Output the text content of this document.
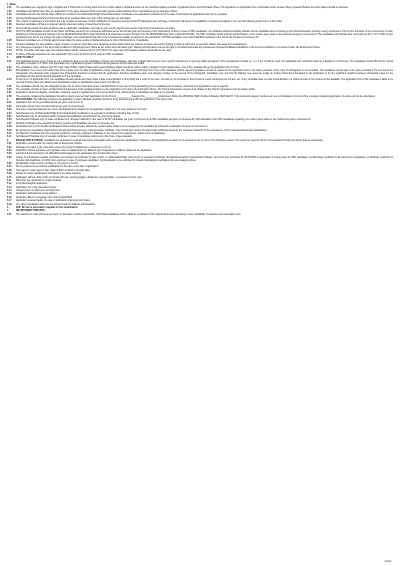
1. Note:
1.01	The candidates are required to sign in English and in Hindi both in running hand and not in block capital or disjointed letters on the prescribed places provided in Application Form and Information Sheet. The signatures on Application Form, Information sheet, Answer Sheet, Question Booklet and other places should be identical.
1.02	Candidates submitting more than one application for the same category will be summarily rejected & also debarred from examinations as per para given below.
1.03	Candidates should note that the Date of Birth as recorded in the Matriculation/High School Examination Certificate or an equivalent Certificate as on the date of submission of applications will only be accepted.
1.04	Serving Handicapped/ Defence Personnel likely to be released within one year of the closing date can also apply.
1.05	The number of vacancies is provisional and may increase or decrease. Further distribution of vacancies among various PH categories and exchange of vacancies will depend on availability of selected candidates in the merit list following extant rules on the matter.
1.06	Selected candidates will have to undergo training wherever training is prescribed for the post.
1.07	During training period only stipend will be paid as applicable. Candidates may have to give security deposit and execute indemnity bond wherever necessary.
1.10	SC/ST & OBC candidates should furnish Caste Certificate issued by the competent authorities as per the formats given at Annexure-II & III respectively. Further, in case of OBC candidates, the certificate should specifically indicate that the candidate does not belong to the Persons/Sections (Creamy Layer) mentioned in Col.3 of the Schedule of the Government of India, Department of Personnel and Training O.M. No.36012/22/93-Estt (SCT) dated 08.09.93 & its subsequent revision through O.M. No.36033/3/2004-Estt. (Res.) dated 09.03.2004. The OBC candidate should enclose self declaration of non-creamy layer status in the proforma as given in Annexure-III. The candidates who indicate their community as SC or ST or OBC in their application form but do not enclose the caste certificate in the prescribed format will not be considered as eligible to appear for the examination. All PWD candidates must submit Medical Certificate in the format (as furnished in Annexure-IV).
1.08	Selected candidates are not finally appointed are liable for active service in Railway Engineer's Unit of Territorial Army, if applicable.
1.12	Female candidates are also eligible to apply, however, it may be noted that some categories involve duties which are arduous in nature and call for working in shifts at odd hours, at road side station, also away from headquarters.
1.13	Any subsequent changes in the terms and conditions of this Employment Notice as per extant rules will stand good. Railway administration reserve the right to consider/incorporate any subsequent changes/modifications/additions in the terms & conditions to recruitment under this Employment Notice.
1.14	NOTE: The Indian and upper age limit indicated above will be reckoned as on 01.07.2013. The upper age limit relaxation shall be admissible as per rules.
1.15	To above following relaxations are also admissible. By 5 years for SC/ST and 3 years for OBC candidates.
2.	HOW TO APPLY:
2.01	The application format as per Annexure I & 2 should be filled up by the candidate in his/her own handwriting, with blue or black ball point pen (not in pencil, fountain pen or gel pen) (italic) and signed. Only international numerals i.e. 1, 2, 3 etc. should be used. The application form should be filled up in English or in Hindi only. The candidates should affix his/her normal signature in English or in Hindi in the application form. Applications signed in capital letters/signatures will be treated as invalid.
2.02	The candidate's Name, Address with Pin Code, Date of Birth, Father's Name and nearest Railway Station should be written legibly in English in bold capital letters, even if the candidate fills up the application form in Hindi.
2.03	Photographs: One recent and earlier than three months from the date of application) colour passport size photograph with clear front view of the candidate without cap and sunglasses should be pasted on the application form in the space provided. Xerox copy of photographs is not permitted. The candidates should sign in the space provided in the box below the photograph. One identical colour passport size photograph should be enclosed with the application. Attesting candidate's name and category number on the reverse of the photograph. Candidates may note that the Railway may reject any image for putting old/unclear photograph on the application or for any significant variations between photograph pasted in the application and the actual physical appearance of the candidate.
2.04	In item No.17 of application form, the candidates should indicate two clear visible marks of identification on their body like a mole on the nose, cut-mark on the forehead or the left side or a scar mark below the left arm, etc. If any candidate have no mark of identification, he should mention in the column as Not available. The application form of the candidate is liable to be rejected if he/she does not indicate clear identification marks or identification mark column not filled up.
2.05	The candidates should copy the paragraph at item No.-11 of the information sheet in English/Hindi in their own running handwriting (not in capital/special cut letters), otherwise their applications may be rejected.
2.06	The candidate should put their Left Hand Thumb Impression at the designated places in the Application Form and in the Information Sheet. The Thumb impressions must be clear. Ridges of the Thumb impressions must be clearly visible.
2.07	Applications which are illegible, incomplete, unsigned, signed in capital letters, not in prescribed format, without photo of candidates are liable to be rejected.
2.08	The envelope containing the application should be clearly super-scribed 'Application for the Post of ___________ Category No.__________ Employment Notice No.1/PH/2012 (SRC) Northern Railway, NEW DELHI'. If the posts and category numbers etc. are not indicated on the top of the envelope containing application, the same will not be entertained.
3.	ENCLOSURES: The following enclosures as applicable to each individual candidate should be firmly attached along with the application in the given order:
3.01	Application form in the prescribed format (as given in Annexure-1).
3.02	Information sheet in the prescribed format (as given in Annexure-2).
3.03	One copy of identical passport size colour photograph firmly attached to the application (apart from one copy pasted on the form).
3.04	Self Attested copy of Matriculation/High School Examination Certificate or an equivalent Certificate indicating date of birth.
3.05	Self Attested copy of educational and/or professional qualification prescribed for the post being applied.
3.06	Self Attested Photostat copy of caste certificate from competent authority in the case of SC/ST candidates (as given in Annexure-II) & OBC candidates (as given in Annexure-III). Self declaration from OBC candidates regarding non-creamy layer status in the proforma as given in Annexure-III.
3.07	Medical Certificate in the prescribed format by persons with disabilities (as given in Annexure-IV).
3.08	Declaration form by the visually handicapped whose writing speed is affected by cerebral palsy scribe is to be engaged by the candidate for writing the examination (as given in Annexure-V).
3.09	Ex Servicemen candidates should submit self attested Photostat copy of the discharge certificate. They should also enclose the appropriate certificate issued by the competent authority for the equivalence of their educational/technical qualifications.
3.10	No Objection Certificate from the competent authority, if already employed in Railways or any Government department / public sector undertakings.
3.11	Self attested Photostat copy of requisite certificates in case of candidates claiming any other type of age relaxation.
4.	INVALID APPLICATIONS: Candidates are requested to read all instructions thoroughly before sending their applications. Otherwise, their applications are likely to be rejected on one or more of the following reasons. The reason for rejection will be communicated through sms before date of examination.
5.01	Application received after the closing date of Employment Notice.
5.02	Passage not copied in the information sheet (or) copied in capital letters. (Annexure-2 Col 11)
5.03	Application without signatures (or) signature done in capital letters (or) different type of signatures at different places of the application.
5.04	Left hand thumb impression not affixed/blurred/smudged on the application form & information sheet.
5.05	Copies of self attested requisite certificates not enclosed: (i) Certificate for date of birth i.e. Matriculation/High school exam or equivalent certificate, (ii) Educational and/or professional certificate, (iii) Community Certificate for SC/ST/OBC & declaration of creamy layer for OBC candidates, (iv) Discharge certificate for Ex-Servicemen candidates, (v) Disability certificate for Persons with disabilities, (vi) NOC from employer in case of employed candidates. (vii) Declaration to be submitted by visually handicapped candidates who are engaging scribes.
5.06	Identification marks column not filled up. (Annexure-1 Col-07)
5.07	Do not possess the prescribed qualification for the post on the date of application.
5.08	Over aged or under aged or Age / Date of Birth not filled or wrongly filled.
5.09	Double or multiple applications submitted for the same category.
5.10	Application without colour photo (or) photo with cap, wearing goggles, disfigured, unrecognizable, or scanned or Xerox copy.
5.11	More than one application in single envelope.
5.12	Incomplete/Illegible application.
5.13	Application not in the prescribed format.
5.14	Category/post not filled up or wrongly filled.
5.15	Application addressed to wrong address.
5.16	Application filled in a language other than English/Hindi.
5.17	Application received before the date of publication of Employment Notice.
5.18	Any other irregularities which are considered invalid by Railway administration.
6.	FEE: No Fee is prescribed / payable for this examination.
7.	RECRUITMENT PROCESS:
7.01	The selection is made strictly as per merit, on the basis of written examination. Short-listed candidates will be called for verification of the original documents according to merit, availability of vacancies and reservation rules.
Contd..
